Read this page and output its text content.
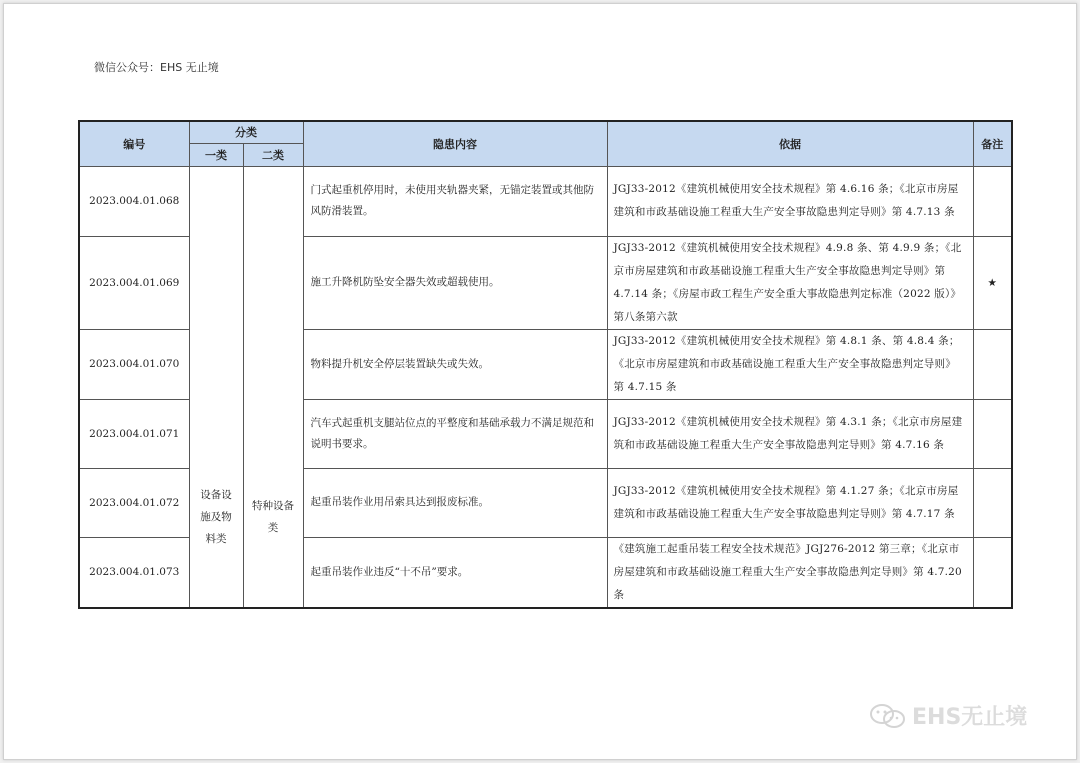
微信公众号：EHS 无止境
编号	分类		隐患内容	依据	备注
	一类	二类			
2023.004.01.068	设备设施及物料类	特种设备类	门式起重机停用时，未使用夹轨器夹紧，无锚定装置或其他防风防滑装置。	JGJ33-2012《建筑机械使用安全技术规程》第 4.6.16 条；《北京市房屋建筑和市政基础设施工程重大生产安全事故隐患判定导则》第 4.7.13 条	
2023.004.01.069			施工升降机防坠安全器失效或超载使用。	JGJ33-2012《建筑机械使用安全技术规程》4.9.8 条、第 4.9.9 条；《北京市房屋建筑和市政基础设施工程重大生产安全事故隐患判定导则》第 4.7.14 条；《房屋市政工程生产安全重大事故隐患判定标准（2022 版）》第八条第六款	★
2023.004.01.070			物料提升机安全停层装置缺失或失效。	JGJ33-2012《建筑机械使用安全技术规程》第 4.8.1 条、第 4.8.4 条；《北京市房屋建筑和市政基础设施工程重大生产安全事故隐患判定导则》第 4.7.15 条	
2023.004.01.071			汽车式起重机支腿站位点的平整度和基础承载力不满足规范和说明书要求。	JGJ33-2012《建筑机械使用安全技术规程》第 4.3.1 条；《北京市房屋建筑和市政基础设施工程重大生产安全事故隐患判定导则》第 4.7.16 条	
2023.004.01.072			起重吊装作业用吊索具达到报废标准。	JGJ33-2012《建筑机械使用安全技术规程》第 4.1.27 条；《北京市房屋建筑和市政基础设施工程重大生产安全事故隐患判定导则》第 4.7.17 条	
2023.004.01.073			起重吊装作业违反“十不吊”要求。	《建筑施工起重吊装工程安全技术规范》JGJ276-2012 第三章；《北京市房屋建筑和市政基础设施工程重大生产安全事故隐患判定导则》第 4.7.20 条	
EHS无止境
